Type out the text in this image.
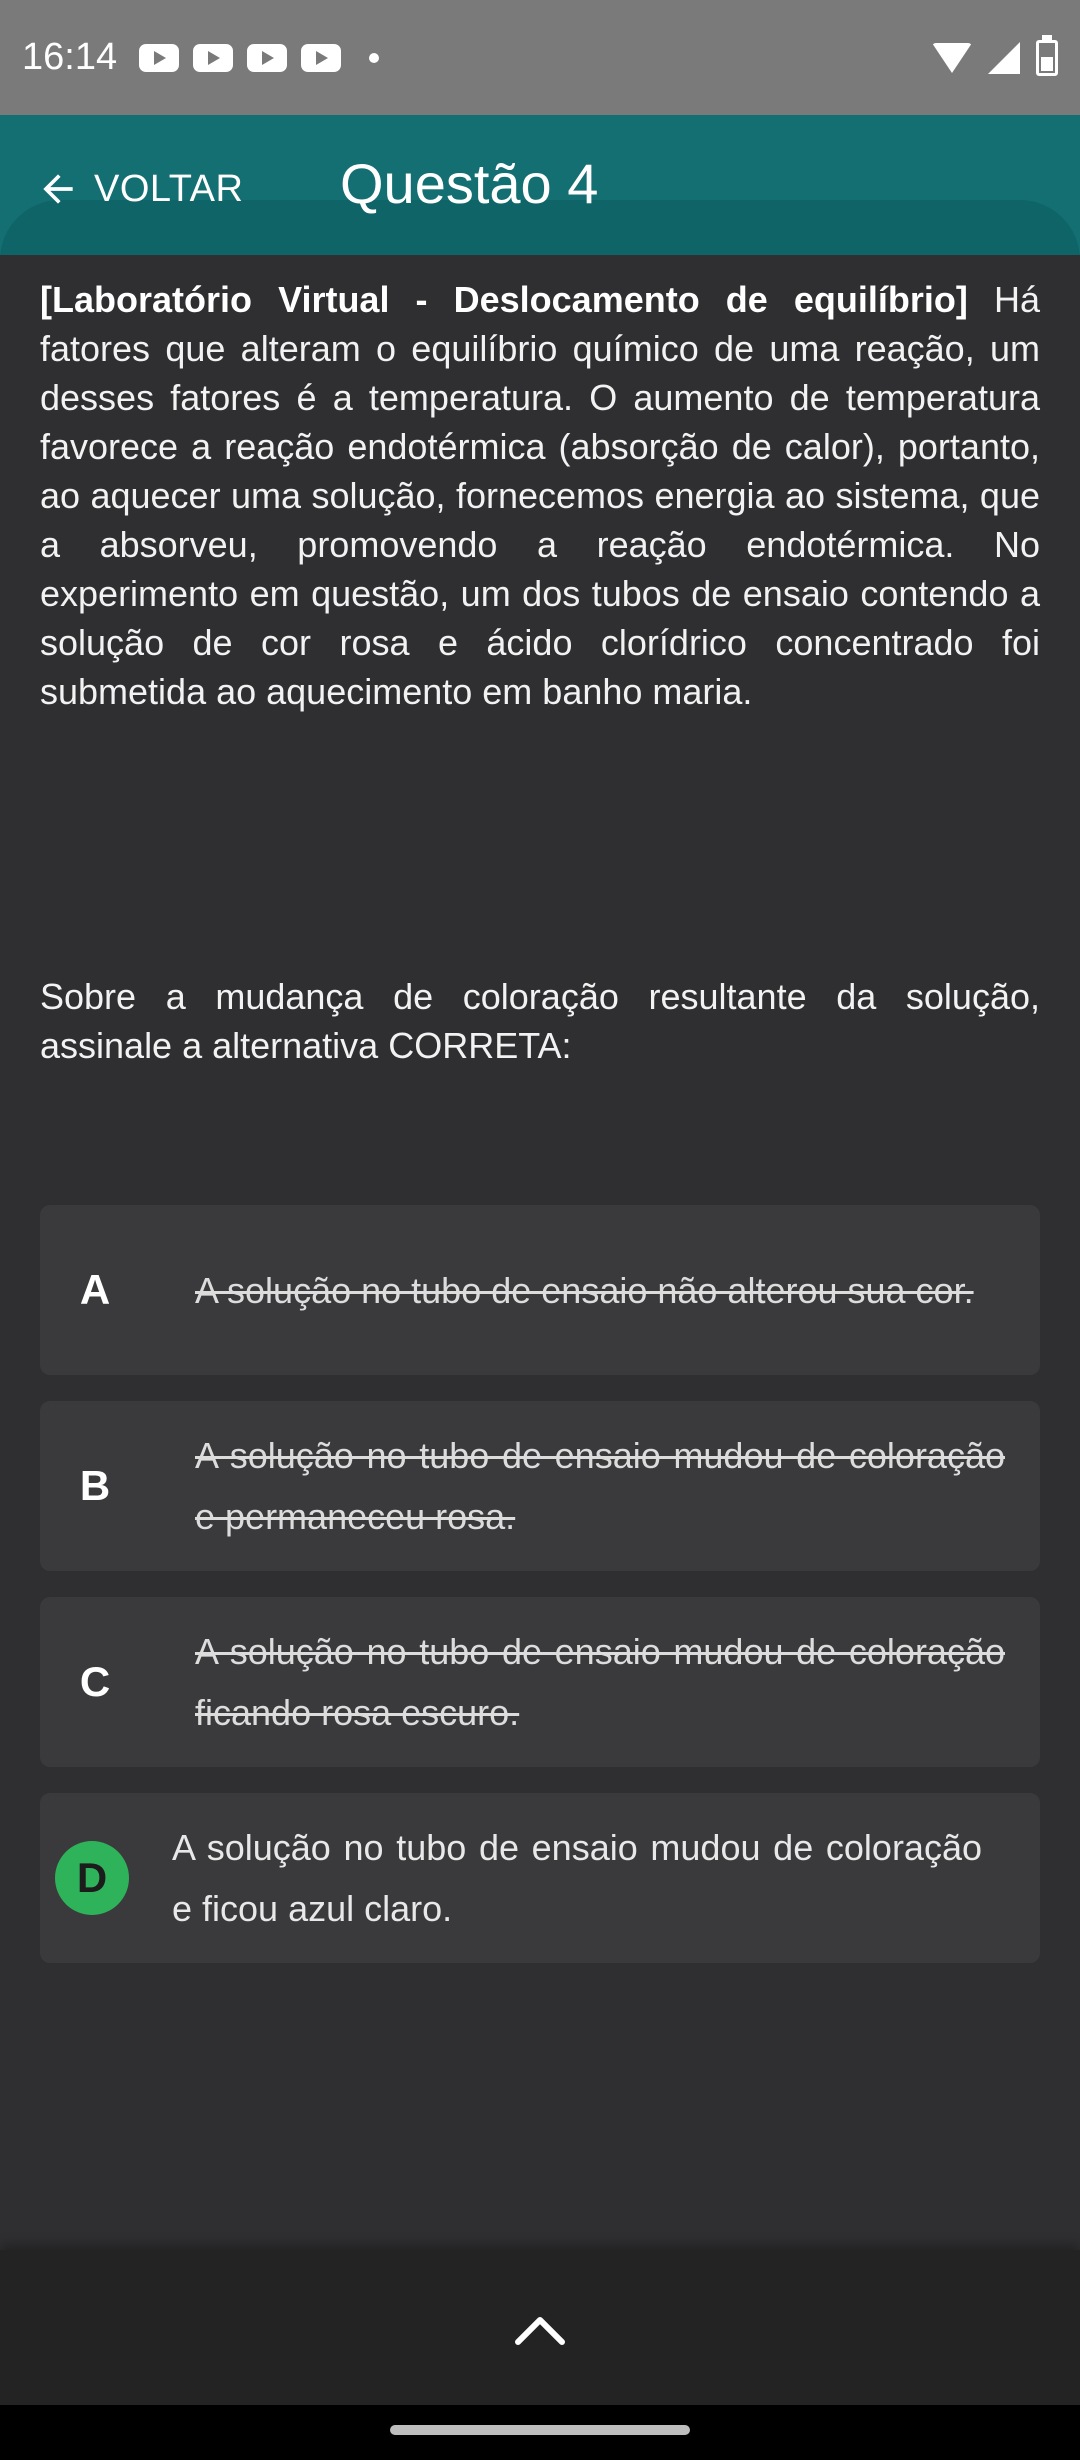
16:14
VOLTAR Questão 4

[Laboratório Virtual - Deslocamento de equilíbrio] Há fatores que alteram o equilíbrio químico de uma reação, um desses fatores é a temperatura. O aumento de temperatura favorece a reação endotérmica (absorção de calor), portanto, ao aquecer uma solução, fornecemos energia ao sistema, que a absorveu, promovendo a reação endotérmica. No experimento em questão, um dos tubos de ensaio contendo a solução de cor rosa e ácido clorídrico concentrado foi submetida ao aquecimento em banho maria.

Sobre a mudança de coloração resultante da solução, assinale a alternativa CORRETA:

A	A solução no tubo de ensaio não alterou sua cor.
B
A solução no tubo de ensaio mudou de coloração e permaneceu rosa.
C
A solução no tubo de ensaio mudou de coloração ficando rosa escuro.
D
A solução no tubo de ensaio mudou de coloração e ficou azul claro.
